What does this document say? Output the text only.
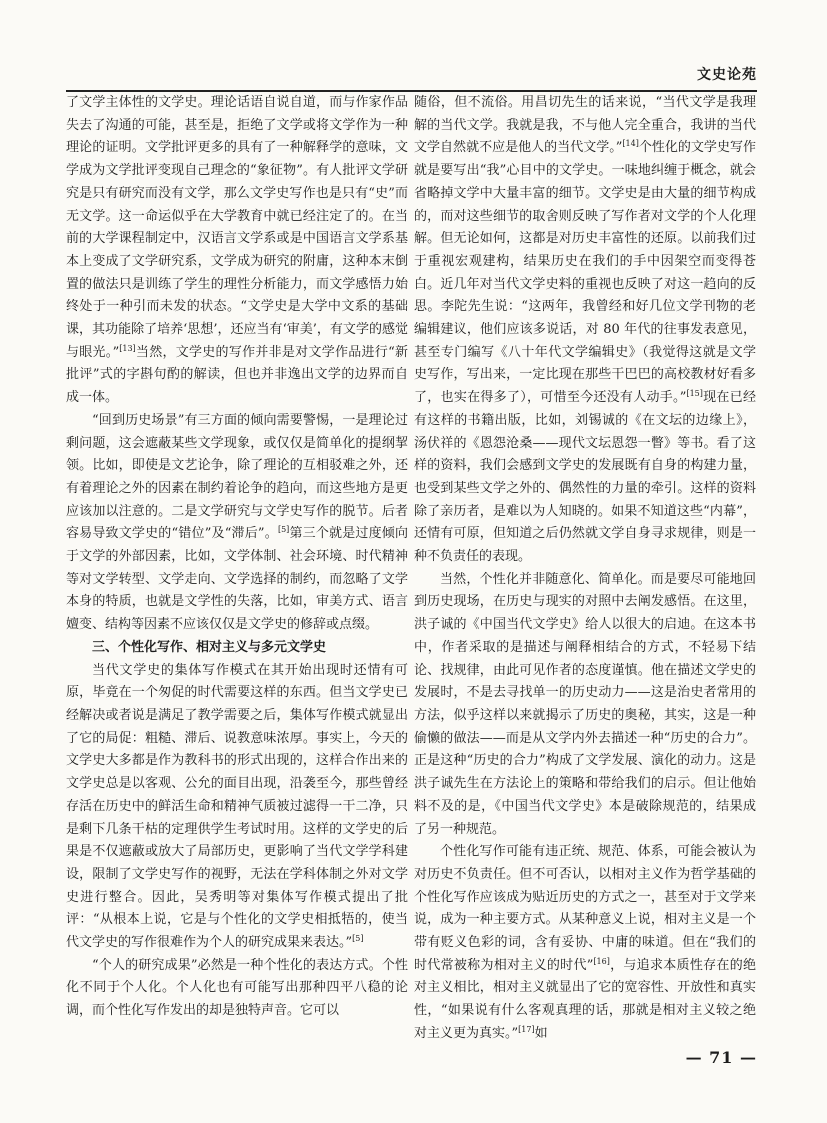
文史论苑

了文学主体性的文学史。理论话语自说自道，而与作家作品失去了沟通的可能，甚至是，拒绝了文学或将文学作为一种理论的证明。文学批评更多的具有了一种解释学的意味，文学成为文学批评变现自己理念的“象征物”。有人批评文学研究是只有研究而没有文学，那么文学史写作也是只有“史”而无文学。这一命运似乎在大学教育中就已经注定了的。在当前的大学课程制定中，汉语言文学系或是中国语言文学系基本上变成了文学研究系，文学成为研究的附庸，这种本末倒置的做法只是训练了学生的理性分析能力，而文学感悟力始终处于一种引而未发的状态。“文学史是大学中文系的基础课，其功能除了培养‘思想’，还应当有‘审美’，有文学的感觉与眼光。”[13]当然，文学史的写作并非是对文学作品进行“新批评”式的字斟句酌的解读，但也并非逸出文学的边界而自成一体。

“回到历史场景”有三方面的倾向需要警惕，一是理论过剩问题，这会遮蔽某些文学现象，或仅仅是简单化的提纲挈领。比如，即使是文艺论争，除了理论的互相驳难之外，还有着理论之外的因素在制约着论争的趋向，而这些地方是更应该加以注意的。二是文学研究与文学史写作的脱节。后者容易导致文学史的“错位”及“滞后”。[5]第三个就是过度倾向于文学的外部因素，比如，文学体制、社会环境、时代精神等对文学转型、文学走向、文学选择的制约，而忽略了文学本身的特质，也就是文学性的失落，比如，审美方式、语言嬗变、结构等因素不应该仅仅是文学史的修辞或点缀。

三、个性化写作、相对主义与多元文学史

当代文学史的集体写作模式在其开始出现时还情有可原，毕竟在一个匆促的时代需要这样的东西。但当文学史已经解决或者说是满足了教学需要之后，集体写作模式就显出了它的局促：粗糙、滞后、说教意味浓厚。事实上，今天的文学史大多都是作为教科书的形式出现的，这样合作出来的文学史总是以客观、公允的面目出现，沿袭至今，那些曾经存活在历史中的鲜活生命和精神气质被过滤得一干二净，只是剩下几条干枯的定理供学生考试时用。这样的文学史的后果是不仅遮蔽或放大了局部历史，更影响了当代文学学科建设，限制了文学史写作的视野，无法在学科体制之外对文学史进行整合。因此，吴秀明等对集体写作模式提出了批评：“从根本上说，它是与个性化的文学史相抵牾的，使当代文学史的写作很难作为个人的研究成果来表达。”[5]

“个人的研究成果”必然是一种个性化的表达方式。个性化不同于个人化。个人化也有可能写出那种四平八稳的论调，而个性化写作发出的却是独特声音。它可以

随俗，但不流俗。用昌切先生的话来说，“当代文学是我理解的当代文学。我就是我，不与他人完全重合，我讲的当代文学自然就不应是他人的当代文学。”[14]个性化的文学史写作就是要写出“我”心目中的文学史。一味地纠缠于概念，就会省略掉文学中大量丰富的细节。文学史是由大量的细节构成的，而对这些细节的取舍则反映了写作者对文学的个人化理解。但无论如何，这都是对历史丰富性的还原。以前我们过于重视宏观建构，结果历史在我们的手中因架空而变得苍白。近几年对当代文学史料的重视也反映了对这一趋向的反思。李陀先生说：“这两年，我曾经和好几位文学刊物的老编辑建议，他们应该多说话，对 80 年代的往事发表意见，甚至专门编写《八十年代文学编辑史》（我觉得这就是文学史写作，写出来，一定比现在那些干巴巴的高校教材好看多了，也实在得多了），可惜至今还没有人动手。”[15]现在已经有这样的书籍出版，比如，刘锡诚的《在文坛的边缘上》，汤伏祥的《恩怨沧桑——现代文坛恩怨一瞥》等书。看了这样的资料，我们会感到文学史的发展既有自身的构建力量，也受到某些文学之外的、偶然性的力量的牵引。这样的资料除了亲历者，是难以为人知晓的。如果不知道这些“内幕”，还情有可原，但知道之后仍然就文学自身寻求规律，则是一种不负责任的表现。

当然，个性化并非随意化、简单化。而是要尽可能地回到历史现场，在历史与现实的对照中去阐发感悟。在这里，洪子诚的《中国当代文学史》给人以很大的启迪。在这本书中，作者采取的是描述与阐释相结合的方式，不轻易下结论、找规律，由此可见作者的态度谨慎。他在描述文学史的发展时，不是去寻找单一的历史动力——这是治史者常用的方法，似乎这样以来就揭示了历史的奥秘，其实，这是一种偷懒的做法——而是从文学内外去描述一种“历史的合力”。正是这种“历史的合力”构成了文学发展、演化的动力。这是洪子诚先生在方法论上的策略和带给我们的启示。但让他始料不及的是，《中国当代文学史》本是破除规范的，结果成了另一种规范。

个性化写作可能有违正统、规范、体系，可能会被认为对历史不负责任。但不可否认，以相对主义作为哲学基础的个性化写作应该成为贴近历史的方式之一，甚至对于文学来说，成为一种主要方式。从某种意义上说，相对主义是一个带有贬义色彩的词，含有妥协、中庸的味道。但在“我们的时代常被称为相对主义的时代”[16]，与追求本质性存在的绝对主义相比，相对主义就显出了它的宽容性、开放性和真实性，“如果说有什么客观真理的话，那就是相对主义较之绝对主义更为真实。”[17]如

— 71 —
